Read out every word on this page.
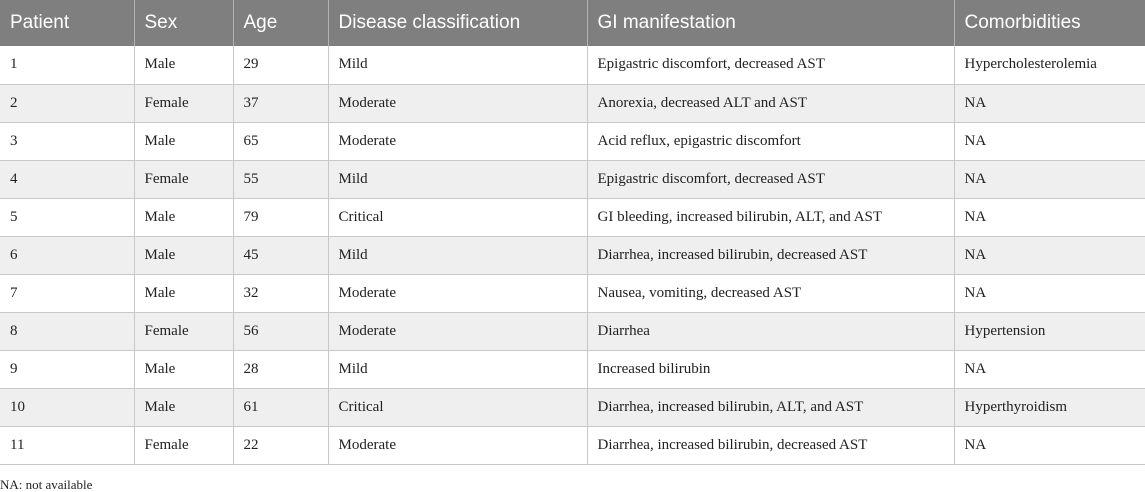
Patient	Sex	Age	Disease classification	GI manifestation	Comorbidities
1	Male	29	Mild	Epigastric discomfort, decreased AST	Hypercholesterolemia
2	Female	37	Moderate	Anorexia, decreased ALT and AST	NA
3	Male	65	Moderate	Acid reflux, epigastric discomfort	NA
4	Female	55	Mild	Epigastric discomfort, decreased AST	NA
5	Male	79	Critical	GI bleeding, increased bilirubin, ALT, and AST	NA
6	Male	45	Mild	Diarrhea, increased bilirubin, decreased AST	NA
7	Male	32	Moderate	Nausea, vomiting, decreased AST	NA
8	Female	56	Moderate	Diarrhea	Hypertension
9	Male	28	Mild	Increased bilirubin	NA
10	Male	61	Critical	Diarrhea, increased bilirubin, ALT, and AST	Hyperthyroidism
11	Female	22	Moderate	Diarrhea, increased bilirubin, decreased AST	NA
NA: not available
